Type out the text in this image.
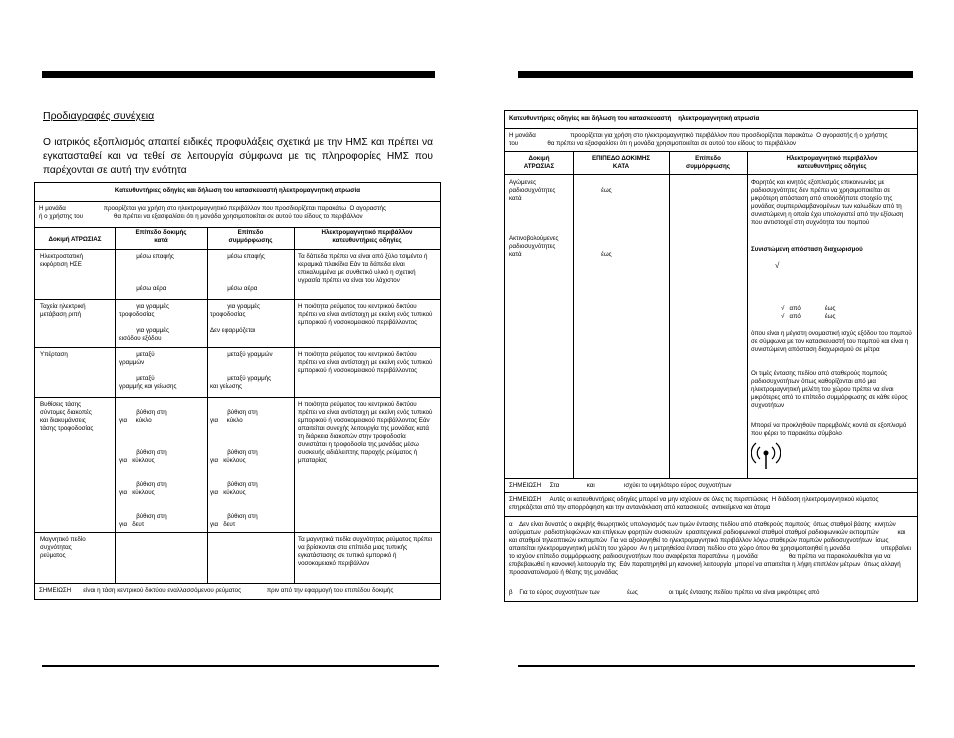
Προδιαγραφές συνέχεια
Ο ιατρικός εξοπλισμός απαιτεί ειδικές προφυλάξεις σχετικά με την ΗΜΣ και πρέπει να εγκατασταθεί και να τεθεί σε λειτουργία σύμφωνα με τις πληροφορίες ΗΜΣ που παρέχονται σε αυτή την ενότητα
Κατευθυντήριες οδηγίες και δήλωση του κατασκευαστή ηλεκτρομαγνητική ατρωσία
Η μονάδα                      προορίζεται για χρήση στο ηλεκτρομαγνητικό περιβάλλον που προσδιορίζεται παρακάτω  Ο αγοραστής
ή ο χρήστης του                  θα πρέπει να εξασφαλίσει ότι η μονάδα χρησιμοποιείται σε αυτού του είδους το περιβάλλον
Δοκιμή ΑΤΡΩΣΙΑΣ
Επίπεδο δοκιμής
κατά
Επίπεδο
συμμόρφωσης
Ηλεκτρομαγνητικό περιβάλλον
κατευθυντήριες οδηγίες
Ηλεκτροστατική
εκφόρτιση ΗΣΕ
μέσω επαφής

μέσω αέρα
μέσω επαφής

μέσω αέρα
Τα δάπεδα πρέπει να είναι από ξύλο τσιμέντο ή κεραμικά πλακίδια Εάν τα δάπεδα είναι επικαλυμμένα με συνθετικό υλικό η σχετική υγρασία πρέπει να είναι του λάχιστον
Ταχεία ηλεκτρική
μετάβαση ριπή
για γραμμές
τροφοδοσίας

για γραμμές
εισόδου εξόδου
για γραμμές
τροφοδοσίας

Δεν εφαρμόζεται
Η ποιότητα ρεύματος του κεντρικού δικτύου πρέπει να είναι αντίστοιχη με εκείνη ενός τυπικού εμπορικού ή νοσοκομειακού περιβάλλοντος
Υπέρταση	μεταξύ
γραμμών

μεταξύ
γραμμής και γείωσης
μεταξύ γραμμών

μεταξύ γραμμής
και γείωσης
Η ποιότητα ρεύματος του κεντρικού δικτύου πρέπει να είναι αντίστοιχη με εκείνη ενός τυπικού εμπορικού ή νοσοκομειακού περιβάλλοντος
Βυθίσεις τάσης
σύντομες διακοπές
και διακυμάνσεις
τάσης τροφοδοσίας
βύθιση στη
για     κύκλο

βύθιση στη
για   κύκλους

βύθιση στη
για   κύκλους

βύθιση στη
για   δευτ
βύθιση στη
για     κύκλο

βύθιση στη
για   κύκλους

βύθιση στη
για   κύκλους

βύθιση στη
για   δευτ
Η ποιότητα ρεύματος του κεντρικού δικτύου πρέπει να είναι αντίστοιχη με εκείνη ενός τυπικού εμπορικού ή νοσοκομειακού περιβάλλοντος Εάν απαιτείται συνεχής λειτουργία της μονάδας κατά τη διάρκεια διακοπών στην τροφοδοσία συνιστάται η τροφοδοσία της μονάδας μέσω συσκευής αδιάλειπτης παροχής ρεύματος ή μπαταρίας
Μαγνητικό πεδίο
συχνότητας
ρεύματος
Τα μαγνητικά πεδία συχνότητας ρεύματος πρέπει να βρίσκονται στα επίπεδα μιας τυπικής εγκατάστασης σε τυπικό εμπορικό ή νοσοκομειακό περιβάλλον
ΣΗΜΕΙΩΣΗ       είναι η τάση κεντρικού δικτύου εναλλασσόμενου ρεύματος               πριν από την εφαρμογή του επιπέδου δοκιμής
Κατευθυντήριες οδηγίες και δήλωση του κατασκευαστή    ηλεκτρομαγνητική ατρωσία
Η μονάδα                    προορίζεται για χρήση στο ηλεκτρομαγνητικό περιβάλλον που προσδιορίζεται παρακάτω  Ο αγοραστής ή ο χρήστης
του                 θα πρέπει να εξασφαλίσει ότι η μονάδα χρησιμοποιείται σε αυτού του είδους το περιβάλλον
Δοκιμή
ΑΤΡΩΣΙΑΣ
ΕΠΙΠΕΔΟ ΔΟΚΙΜΗΣ
ΚΑΤΑ
Επίπεδο
συμμόρφωσης
Ηλεκτρομαγνητικό περιβάλλον
κατευθυντήριες οδηγίες
Αγώμενες
ραδιοσυχνότητες
κατά

Ακτινοβολούμενες
ραδιοσυχνότητες
κατά
έως

έως
Φορητός και κινητός εξοπλισμός επικοινωνίας με ραδιοσυχνότητες δεν πρέπει να χρησιμοποιείται σε μικρότερη απόσταση από οποιοδήποτε στοιχείο της μονάδας συμπεριλαμβανομένων των καλωδίων από τη συνιστώμενη η οποία έχει υπολογιστεί από την εξίσωση που αντιστοιχεί στη συχνότητα του πομπού
Συνιστώμενη απόσταση διαχωρισμού
√
√   από              έως
√   από              έως
όπου είναι η μέγιστη ονομαστική ισχύς εξόδου του πομπού σε σύμφωνα με τον κατασκευαστή του πομπού και είναι η συνιστώμενη απόσταση διαχωρισμού σε μέτρα
Οι τιμές έντασης πεδίου από σταθερούς πομπούς ραδιοσυχνοτήτων όπως καθορίζονται από μια ηλεκτρομαγνητική μελέτη του χώρου πρέπει να είναι μικρότερες από το επίπεδο συμμόρφωσης σε κάθε εύρος συχνοτήτων
Μπορεί να προκληθούν παρεμβολές κοντά σε εξοπλισμό που φέρει το παρακάτω σύμβολο
ΣΗΜΕΙΩΣΗ     Στα                και                 ισχύει το υψηλότερο εύρος συχνοτήτων
ΣΗΜΕΙΩΣΗ     Αυτές οι κατευθυντήριες οδηγίες μπορεί να μην ισχύουν σε όλες τις περιπτώσεις  Η διάδοση ηλεκτρομαγνητικού κύματος επηρεάζεται από την απορρόφηση και την αντανάκλαση από κατασκευές  αντικείμενα και άτομα
α    Δεν είναι δυνατός ο ακριβής θεωρητικός υπολογισμός των τιμών έντασης πεδίου από σταθερούς πομπούς  όπως σταθμοί βάσης  κινητών ασύρματων  ραδιοτηλεφώνων και επίγειων φορητών συσκευών  ερασιτεχνικοί ραδιοφωνικοί σταθμοί σταθμοί ραδιοφωνικών εκπομπών           και        και σταθμοί τηλεοπτικών εκπομπών  Για να αξιολογηθεί το ηλεκτρομαγνητικό περιβάλλον λόγω σταθερών πομπών ραδιοσυχνοτήτων  ίσως απαιτείται ηλεκτρομαγνητική μελέτη του χώρου  Αν η μετρηθείσα ένταση πεδίου στο χώρο όπου θα χρησιμοποιηθεί η μονάδα                  υπερβαίνει το ισχύον επίπεδο συμμόρφωσης ραδιοσυχνοτήτων που αναφέρεται παραπάνω  η μονάδα                  θα πρέπει να παρακολουθείται για να επιβεβαιωθεί η κανονική λειτουργία της  Εάν παρατηρηθεί μη κανονική λειτουργία  μπορεί να απαιτείται η λήψη επιπλέον μέτρων  όπως αλλαγή προσανατολισμού ή θέσης της μονάδας
β    Για το εύρος συχνοτήτων των                έως                  οι τιμές έντασης πεδίου πρέπει να είναι μικρότερες από
